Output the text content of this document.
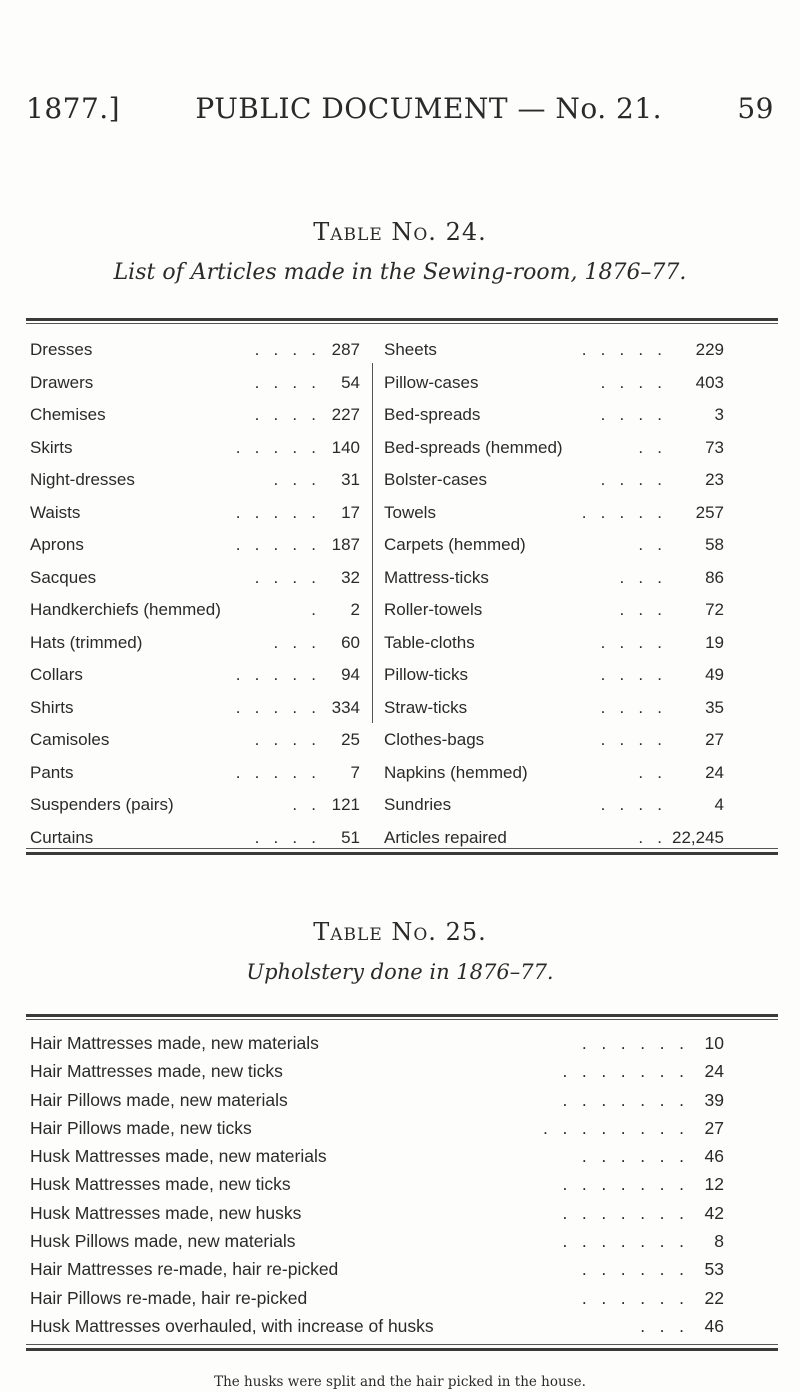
1877.]	PUBLIC DOCUMENT — No. 21.	59
Table No. 24.
List of Articles made in the Sewing-room, 1876–77.
Dresses	.   .   .   . 287
Drawers	.   .   .   . 54
Chemises	.   .   .   . 227
Skirts	.   .   .   .   . 140
Night-dresses	.   .   . 31
Waists	.   .   .   .   . 17
Aprons	.   .   .   .   . 187
Sacques	.   .   .   . 32
Handkerchiefs (hemmed)	. 2
Hats (trimmed)	.   .   . 60
Collars	.   .   .   .   . 94
Shirts	.   .   .   .   . 334
Camisoles	.   .   .   . 25
Pants	.   .   .   .   . 7
Suspenders (pairs)	.   . 121
Curtains	.   .   .   . 51
Sheets	.   .   .   .   . 229
Pillow-cases	.   .   .   . 403
Bed-spreads	.   .   .   .	3
Bed-spreads (hemmed)	.   .	73
Bolster-cases	.   .   .   .	23
Towels	.   .   .   .   . 257
Carpets (hemmed)	.   .	58
Mattress-ticks	.   .   .	86
Roller-towels	.   .   .	72
Table-cloths	.   .   .   .	19
Pillow-ticks	.   .   .   .	49
Straw-ticks	.   .   .   .	35
Clothes-bags	.   .   .   .	27
Napkins (hemmed)	.   .	24
Sundries	.   .   .   .	4
Articles repaired	.   . 22,245
Table No. 25.
Upholstery done in 1876–77.
Hair Mattresses made, new materials	.   .   .   .   .   . 10
Hair Mattresses made, new ticks	.   .   .   .   .   .   . 24
Hair Pillows made, new materials	.   .   .   .   .   .   . 39
Hair Pillows made, new ticks	.   .   .   .   .   .   .   . 27
Husk Mattresses made, new materials	.   .   .   .   .   . 46
Husk Mattresses made, new ticks	.   .   .   .   .   .   . 12
Husk Mattresses made, new husks	.   .   .   .   .   .   . 42
Husk Pillows made, new materials	.   .   .   .   .   .   . 8
Hair Mattresses re-made, hair re-picked	.   .   .   .   .   . 53
Hair Pillows re-made, hair re-picked	.   .   .   .   .   . 22
Husk Mattresses overhauled, with increase of husks	.   .   . 46
The husks were split and the hair picked in the house.
